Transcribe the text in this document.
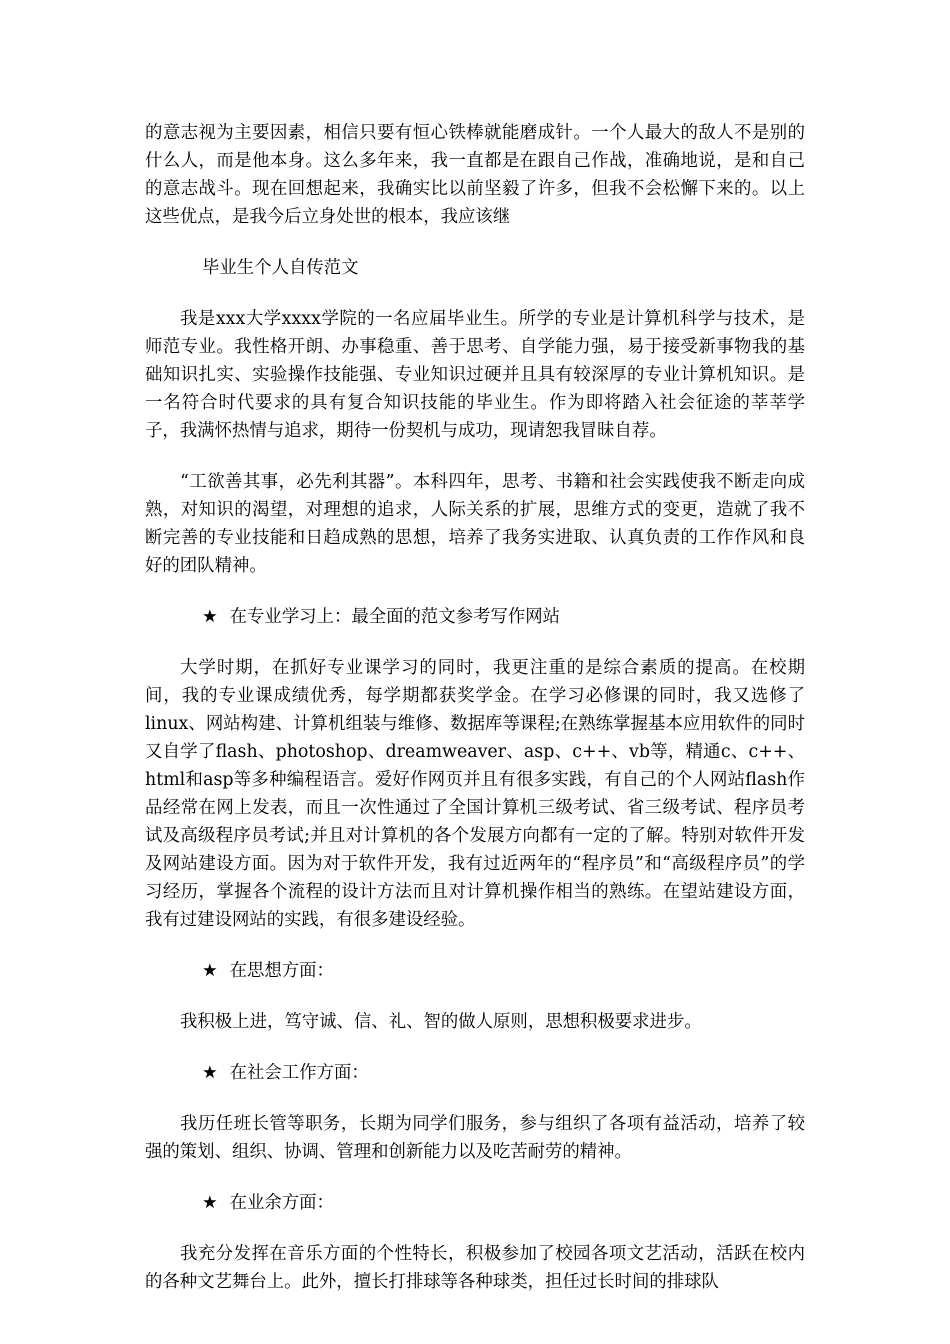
的意志视为主要因素，相信只要有恒心铁棒就能磨成针。一个人最大的敌人不是别的什么人，而是他本身。这么多年来，我一直都是在跟自己作战，准确地说，是和自己的意志战斗。现在回想起来，我确实比以前坚毅了许多，但我不会松懈下来的。以上这些优点，是我今后立身处世的根本，我应该继

毕业生个人自传范文

我是xxx大学xxxx学院的一名应届毕业生。所学的专业是计算机科学与技术，是师范专业。我性格开朗、办事稳重、善于思考、自学能力强，易于接受新事物我的基础知识扎实、实验操作技能强、专业知识过硬并且具有较深厚的专业计算机知识。是一名符合时代要求的具有复合知识技能的毕业生。作为即将踏入社会征途的莘莘学子，我满怀热情与追求，期待一份契机与成功，现请恕我冒昧自荐。

“工欲善其事，必先利其器”。本科四年，思考、书籍和社会实践使我不断走向成熟，对知识的渴望，对理想的追求，人际关系的扩展，思维方式的变更，造就了我不断完善的专业技能和日趋成熟的思想，培养了我务实进取、认真负责的工作作风和良好的团队精神。

★ 在专业学习上：最全面的范文参考写作网站

大学时期，在抓好专业课学习的同时，我更注重的是综合素质的提高。在校期间，我的专业课成绩优秀，每学期都获奖学金。在学习必修课的同时，我又选修了linux、网站构建、计算机组装与维修、数据库等课程;在熟练掌握基本应用软件的同时又自学了flash、photoshop、dreamweaver、asp、c++、vb等，精通c、c++、html和asp等多种编程语言。爱好作网页并且有很多实践，有自己的个人网站flash作品经常在网上发表，而且一次性通过了全国计算机三级考试、省三级考试、程序员考试及高级程序员考试;并且对计算机的各个发展方向都有一定的了解。特别对软件开发及网站建设方面。因为对于软件开发，我有过近两年的“程序员”和“高级程序员”的学习经历，掌握各个流程的设计方法而且对计算机操作相当的熟练。在望站建设方面，我有过建设网站的实践，有很多建设经验。

★ 在思想方面：

我积极上进，笃守诚、信、礼、智的做人原则，思想积极要求进步。

★ 在社会工作方面：

我历任班长管等职务，长期为同学们服务，参与组织了各项有益活动，培养了较强的策划、组织、协调、管理和创新能力以及吃苦耐劳的精神。

★ 在业余方面：

我充分发挥在音乐方面的个性特长，积极参加了校园各项文艺活动，活跃在校内的各种文艺舞台上。此外，擅长打排球等各种球类，担任过长时间的排球队
